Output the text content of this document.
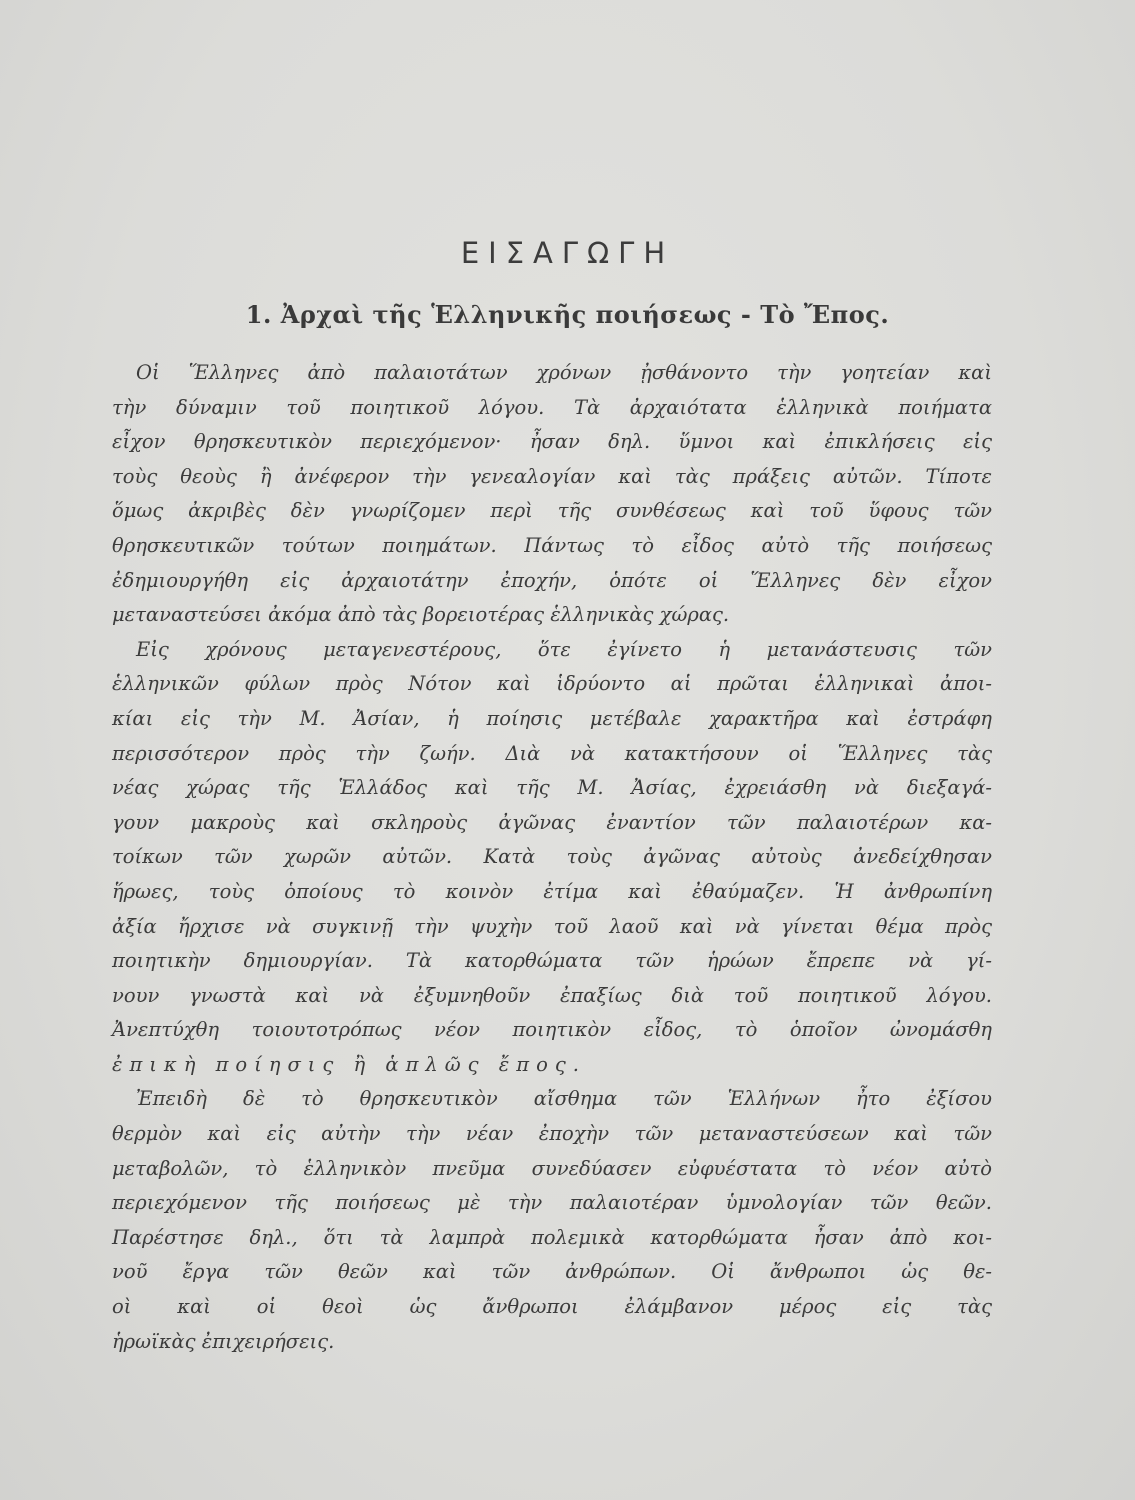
ΕΙΣΑΓΩΓΗ
1. Ἀρχαὶ τῆς Ἑλληνικῆς ποιήσεως - Τὸ Ἔπος.
Οἱ Ἕλληνες ἀπὸ παλαιοτάτων χρόνων ᾐσθάνοντο τὴν γοητείαν καὶ
τὴν δύναμιν τοῦ ποιητικοῦ λόγου. Τὰ ἀρχαιότατα ἑλληνικὰ ποιήματα
εἶχον θρησκευτικὸν περιεχόμενον· ἦσαν δηλ. ὕμνοι καὶ ἐπικλήσεις εἰς
τοὺς θεοὺς ἢ ἀνέφερον τὴν γενεαλογίαν καὶ τὰς πράξεις αὐτῶν. Τίποτε
ὅμως ἀκριβὲς δὲν γνωρίζομεν περὶ τῆς συνθέσεως καὶ τοῦ ὕφους τῶν
θρησκευτικῶν τούτων ποιημάτων. Πάντως τὸ εἶδος αὐτὸ τῆς ποιήσεως
ἐδημιουργήθη εἰς ἀρχαιοτάτην ἐποχήν, ὁπότε οἱ Ἕλληνες δὲν εἶχον
μεταναστεύσει ἀκόμα ἀπὸ τὰς βορειοτέρας ἑλληνικὰς χώρας.
Εἰς χρόνους μεταγενεστέρους, ὅτε ἐγίνετο ἡ μετανάστευσις τῶν
ἑλληνικῶν φύλων πρὸς Νότον καὶ ἱδρύοντο αἱ πρῶται ἑλληνικαὶ ἀποι-
κίαι εἰς τὴν Μ. Ἀσίαν, ἡ ποίησις μετέβαλε χαρακτῆρα καὶ ἐστράφη
περισσότερον πρὸς τὴν ζωήν. Διὰ νὰ κατακτήσουν οἱ Ἕλληνες τὰς
νέας χώρας τῆς Ἑλλάδος καὶ τῆς Μ. Ἀσίας, ἐχρειάσθη νὰ διεξαγά-
γουν μακροὺς καὶ σκληροὺς ἀγῶνας ἐναντίον τῶν παλαιοτέρων κα-
τοίκων τῶν χωρῶν αὐτῶν. Κατὰ τοὺς ἀγῶνας αὐτοὺς ἀνεδείχθησαν
ἥρωες, τοὺς ὁποίους τὸ κοινὸν ἐτίμα καὶ ἐθαύμαζεν. Ἡ ἀνθρωπίνη
ἀξία ἤρχισε νὰ συγκινῇ τὴν ψυχὴν τοῦ λαοῦ καὶ νὰ γίνεται θέμα πρὸς
ποιητικὴν δημιουργίαν. Τὰ κατορθώματα τῶν ἡρώων ἔπρεπε νὰ γί-
νουν γνωστὰ καὶ νὰ ἐξυμνηθοῦν ἐπαξίως διὰ τοῦ ποιητικοῦ λόγου.
Ἀνεπτύχθη τοιουτοτρόπως νέον ποιητικὸν εἶδος, τὸ ὁποῖον ὠνομάσθη
ἐπικὴ ποίησις ἢ ἁπλῶς ἔπος.
Ἐπειδὴ δὲ τὸ θρησκευτικὸν αἴσθημα τῶν Ἑλλήνων ἦτο ἐξίσου
θερμὸν καὶ εἰς αὐτὴν τὴν νέαν ἐποχὴν τῶν μεταναστεύσεων καὶ τῶν
μεταβολῶν, τὸ ἑλληνικὸν πνεῦμα συνεδύασεν εὐφυέστατα τὸ νέον αὐτὸ
περιεχόμενον τῆς ποιήσεως μὲ τὴν παλαιοτέραν ὑμνολογίαν τῶν θεῶν.
Παρέστησε δηλ., ὅτι τὰ λαμπρὰ πολεμικὰ κατορθώματα ἦσαν ἀπὸ κοι-
νοῦ ἔργα τῶν θεῶν καὶ τῶν ἀνθρώπων. Οἱ ἄνθρωποι ὡς θε-
οὶ καὶ οἱ θεοὶ ὡς ἄνθρωποι ἐλάμβανον μέρος εἰς τὰς
ἡρωϊκὰς ἐπιχειρήσεις.
